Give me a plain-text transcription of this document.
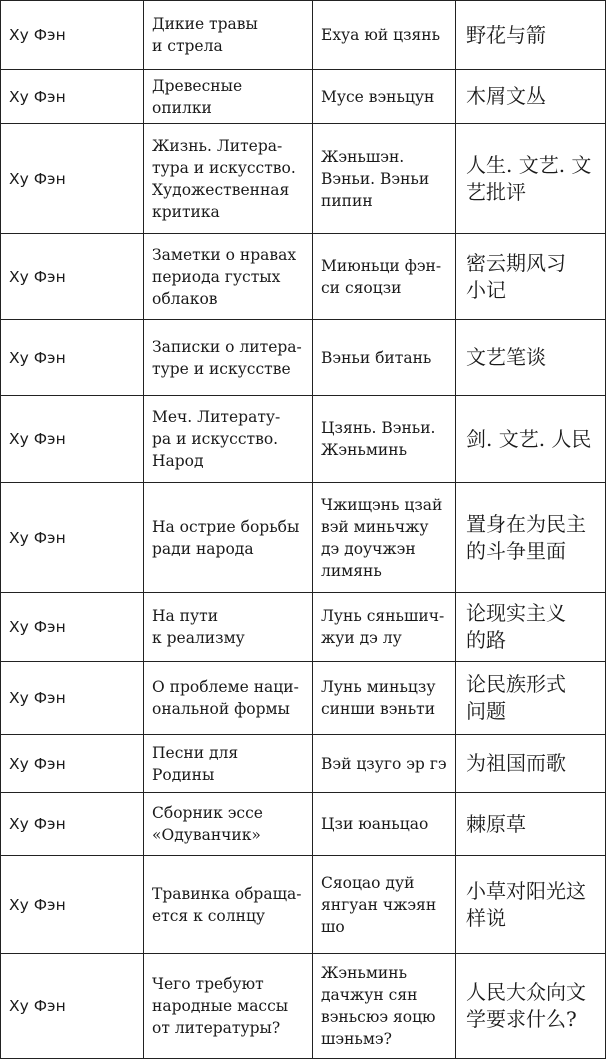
Ху Фэн	Дикие травы
и стрела	Ехуа юй цзянь	野花与箭
Ху Фэн	Древесные опилки	Мусе вэньцун	木屑文丛
Ху Фэн	Жизнь. Литера-
тура и искусство.
Художественная
критика	Жэньшэн.
Вэньи. Вэньи
пипин	人生. 文艺. 文
艺批评
Ху Фэн	Заметки о нравах
периода густых
облаков	Миюньци фэн-
си сяоцзи	密云期风习
小记
Ху Фэн	Записки о литера-
туре и искусстве	Вэньи битань	文艺笔谈
Ху Фэн	Меч. Литерату-
ра и искусство.
Народ	Цзянь. Вэньи.
Жэньминь	剑. 文艺. 人民
Ху Фэн	На острие борьбы
ради народа	Чжищэнь цзай
вэй миньчжу
дэ доучжэн
лимянь	置身在为民主
的斗争里面
Ху Фэн	На пути
к реализму	Лунь сяньшич-
жуи дэ лу	论现实主义
的路
Ху Фэн	О проблеме наци-
ональной формы	Лунь миньцзу
синши вэньти	论民族形式
问题
Ху Фэн	Песни для Родины	Вэй цзуго эр гэ	为祖国而歌
Ху Фэн	Сборник эссе
«Одуванчик»	Цзи юаньцао	棘原草
Ху Фэн	Травинка обраща-
ется к солнцу	Сяоцао дуй
янгуан чжэян
шо	小草对阳光这
样说
Ху Фэн	Чего требуют
народные массы
от литературы?	Жэньминь
дачжун сян
вэньсюэ яоцю
шэньмэ?	人民大众向文
学要求什么?
